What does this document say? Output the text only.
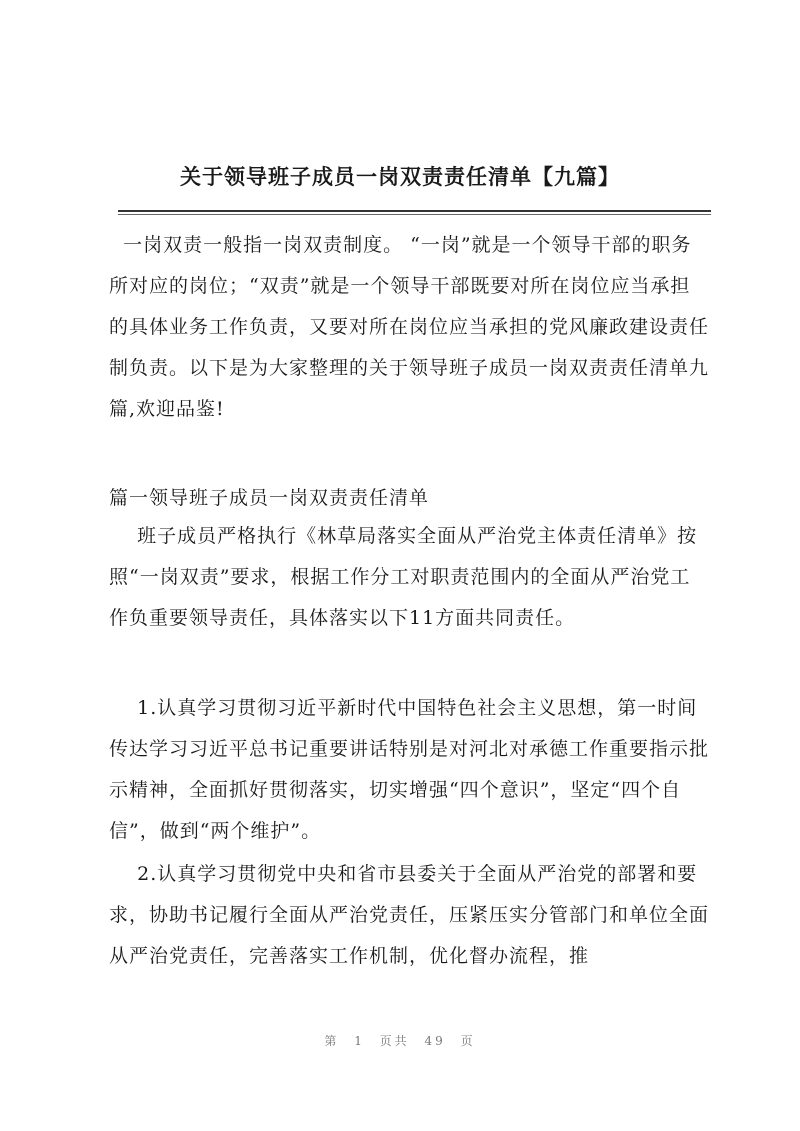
关于领导班子成员一岗双责责任清单【九篇】

一岗双责一般指一岗双责制度。 “一岗”就是一个领导干部的职务所对应的岗位；“双责”就是一个领导干部既要对所在岗位应当承担的具体业务工作负责，又要对所在岗位应当承担的党风廉政建设责任制负责。以下是为大家整理的关于领导班子成员一岗双责责任清单九篇,欢迎品鉴!

篇一领导班子成员一岗双责责任清单

班子成员严格执行《林草局落实全面从严治党主体责任清单》按照“一岗双责”要求，根据工作分工对职责范围内的全面从严治党工作负重要领导责任，具体落实以下11方面共同责任。

1.认真学习贯彻习近平新时代中国特色社会主义思想，第一时间传达学习习近平总书记重要讲话特别是对河北对承德工作重要指示批示精神，全面抓好贯彻落实，切实增强“四个意识”，坚定“四个自信”，做到“两个维护”。

2.认真学习贯彻党中央和省市县委关于全面从严治党的部署和要求，协助书记履行全面从严治党责任，压紧压实分管部门和单位全面从严治党责任，完善落实工作机制，优化督办流程，推

第 1 页共 49 页
